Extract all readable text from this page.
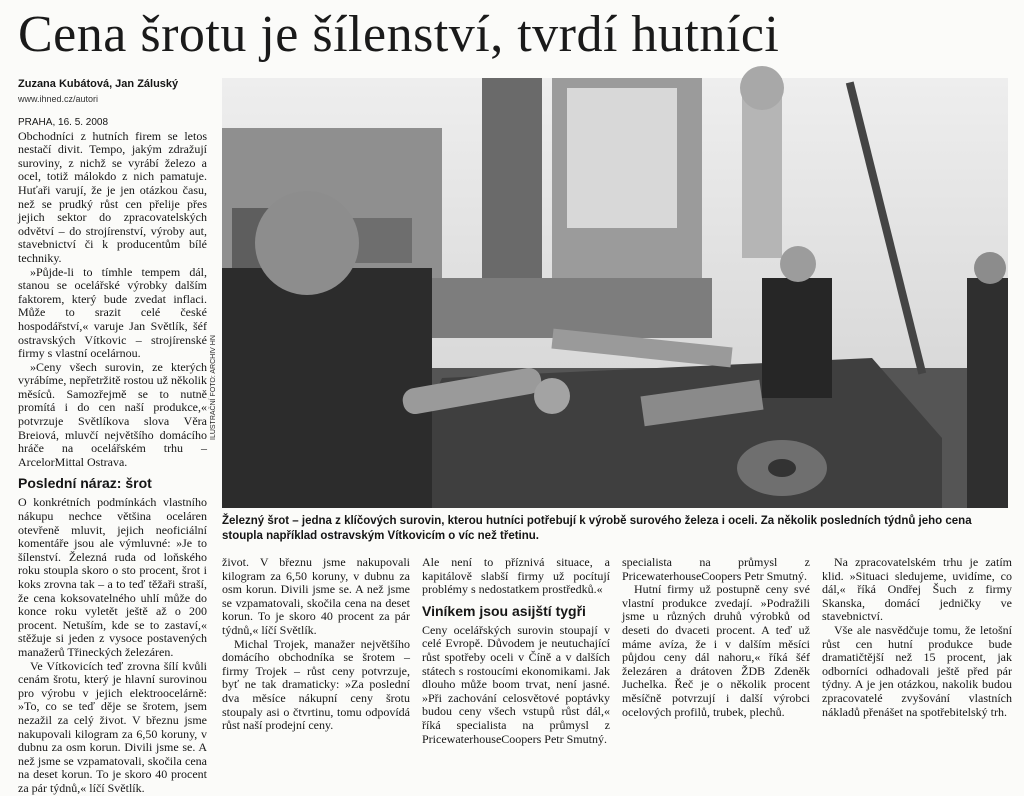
Cena šrotu je šílenství, tvrdí hutníci
Zuzana Kubátová, Jan Záluský
www.ihned.cz/autori

PRAHA, 16. 5. 2008

Obchodníci z hutních firem se letos nestačí divit. Tempo, jakým zdražují suroviny, z nichž se vyrábí železo a ocel, totiž málokdo z nich pamatuje. Huťaři varují, že je jen otázkou času, než se prudký růst cen přelije přes jejich sektor do zpracovatelských odvětví – do strojírenství, výroby aut, stavebnictví či k producentům bílé techniky.

»Půjde-li to tímhle tempem dál, stanou se ocelářské výrobky dalším faktorem, který bude zvedat inflaci. Může to srazit celé české hospodářství,« varuje Jan Světlík, šéf ostravských Vítkovic – strojírenské firmy s vlastní ocelárnou.

»Ceny všech surovin, ze kterých vyrábíme, nepřetržitě rostou už několik měsíců. Samozřejmě se to nutně promítá i do cen naší produkce,« potvrzuje Světlíkova slova Věra Breiová, mluvčí největšího domácího hráče na ocelářském trhu – ArcelorMittal Ostrava.

Poslední náraz: šrot

O konkrétních podmínkách vlastního nákupu nechce většina oceláren otevřeně mluvit, jejich neoficiální komentáře jsou ale výmluvné: »Je to šílenství. Železná ruda od loňského roku stoupla skoro o sto procent, šrot i koks zrovna tak – a to teď těžaři straší, že cena koksovatelného uhlí může do konce roku vyletět ještě až o 200 procent. Netuším, kde se to zastaví,« stěžuje si jeden z vysoce postavených manažerů Třineckých železáren.

Ve Vítkovicích teď zrovna šílí kvůli cenám šrotu, který je hlavní surovinou pro výrobu v jejich elektroocelárně: »To, co se teď děje se šrotem, jsem nezažil za celý život. V březnu jsme nakupovali kilogram za 6,50 koruny, v dubnu za osm korun. Divili jsme se. A než jsme se vzpamatovali, skočila cena na deset korun. To je skoro 40 procent za pár týdnů,« líčí Světlík.

ILUSTRAČNÍ FOTO: ARCHIV HN
Železný šrot – jedna z klíčových surovin, kterou hutníci potřebují k výrobě surového železa i oceli. Za několik posledních týdnů jeho cena stoupla například ostravským Vítkovicím o víc než třetinu.

život. V březnu jsme nakupovali kilogram za 6,50 koruny, v dubnu za osm korun. Divili jsme se. A než jsme se vzpamatovali, skočila cena na deset korun. To je skoro 40 procent za pár týdnů,« líčí Světlík.

Michal Trojek, manažer největšího domácího obchodníka se šrotem – firmy Trojek – růst ceny potvrzuje, byť ne tak dramaticky: »Za poslední dva měsíce nákupní ceny šrotu stoupaly asi o čtvrtinu, tomu odpovídá růst naší prodejní ceny.

Ale není to příznivá situace, a kapitálově slabší firmy už pocítují problémy s nedostatkem prostředků.«

Viníkem jsou asijští tygři

Ceny ocelářských surovin stoupají v celé Evropě. Důvodem je neutuchající růst spotřeby oceli v Číně a v dalších státech s rostoucími ekonomikami. Jak dlouho může boom trvat, není jasné. »Při zachování celosvětové poptávky budou ceny všech vstupů růst dál,« říká specialista na průmysl z PricewaterhouseCoopers Petr Smutný.

specialista na průmysl z PricewaterhouseCoopers Petr Smutný.

Hutní firmy už postupně ceny své vlastní produkce zvedají. »Podražili jsme u různých druhů výrobků od deseti do dvaceti procent. A teď už máme avíza, že i v dalším měsíci půjdou ceny dál nahoru,« říká šéf železáren a drátoven ŽDB Zdeněk Juchelka. Řeč je o několik procent měsíčně potvrzují i další výrobci ocelových profilů, trubek, plechů.

Na zpracovatelském trhu je zatím klid. »Situaci sledujeme, uvidíme, co dál,« říká Ondřej Šuch z firmy Skanska, domácí jedničky ve stavebnictví.

Vše ale nasvědčuje tomu, že letošní růst cen hutní produkce bude dramatičtější než 15 procent, jak odborníci odhadovali ještě před pár týdny. A je jen otázkou, nakolik budou zpracovatelé zvyšování vlastních nákladů přenášet na spotřebitelský trh.
